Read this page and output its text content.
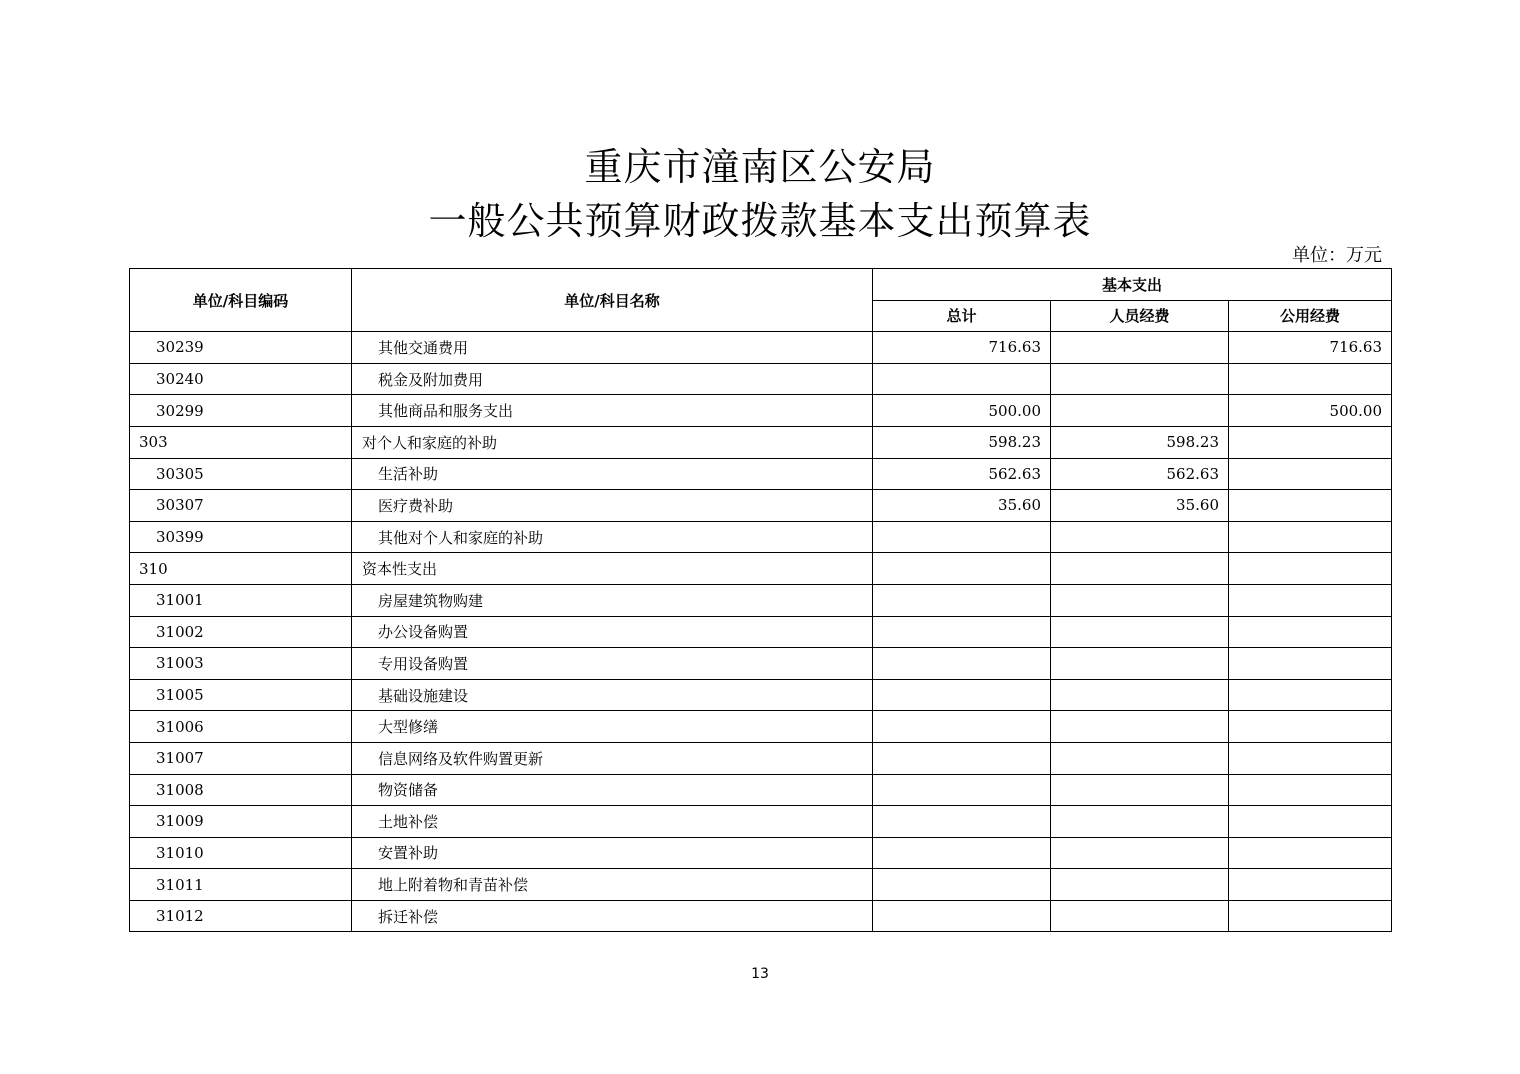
重庆市潼南区公安局
一般公共预算财政拨款基本支出预算表
单位：万元
单位/科目编码	单位/科目名称	基本支出		
		总计	人员经费	公用经费
30239	其他交通费用	716.63		716.63
30240	税金及附加费用			
30299	其他商品和服务支出	500.00		500.00
303	对个人和家庭的补助	598.23	598.23	
30305	生活补助	562.63	562.63	
30307	医疗费补助	35.60	35.60	
30399	其他对个人和家庭的补助			
310	资本性支出			
31001	房屋建筑物购建			
31002	办公设备购置			
31003	专用设备购置			
31005	基础设施建设			
31006	大型修缮			
31007	信息网络及软件购置更新			
31008	物资储备			
31009	土地补偿			
31010	安置补助			
31011	地上附着物和青苗补偿			
31012	拆迁补偿			
13
